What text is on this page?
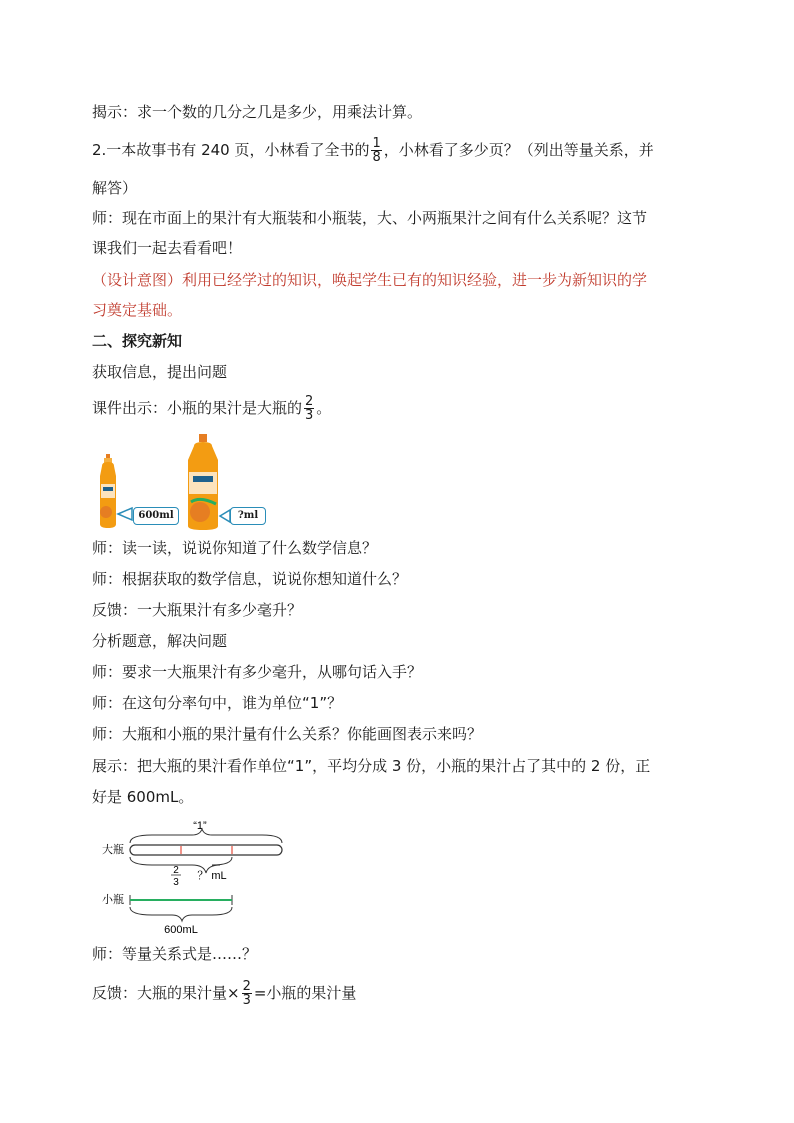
揭示：求一个数的几分之几是多少，用乘法计算。
2.一本故事书有 240 页，小林看了全书的 $\frac{1}{8}$ ，小林看了多少页？（列出等量关系，并
解答）
师：现在市面上的果汁有大瓶装和小瓶装，大、小两瓶果汁之间有什么关系呢？这节
课我们一起去看看吧！
（设计意图）利用已经学过的知识，唤起学生已有的知识经验，进一步为新知识的学
习奠定基础。
二、探究新知
获取信息，提出问题
课件出示：小瓶的果汁是大瓶的 $\frac{2}{3}$ 。
600ml	?ml
师：读一读，说说你知道了什么数学信息？
师：根据获取的数学信息，说说你想知道什么？
反馈：一大瓶果汁有多少毫升？
分析题意，解决问题
师：要求一大瓶果汁有多少毫升，从哪句话入手？
师：在这句分率句中，谁为单位“1”？
师：大瓶和小瓶的果汁量有什么关系？你能画图表示来吗？
展示：把大瓶的果汁看作单位“1”，平均分成 3 份，小瓶的果汁占了其中的 2 份，正
好是 600mL。
“1”
大瓶
2
3
？ mL
小瓶
600mL
师：等量关系式是……？
反馈：大瓶的果汁量× $\frac{2}{3}$ =小瓶的果汁量
